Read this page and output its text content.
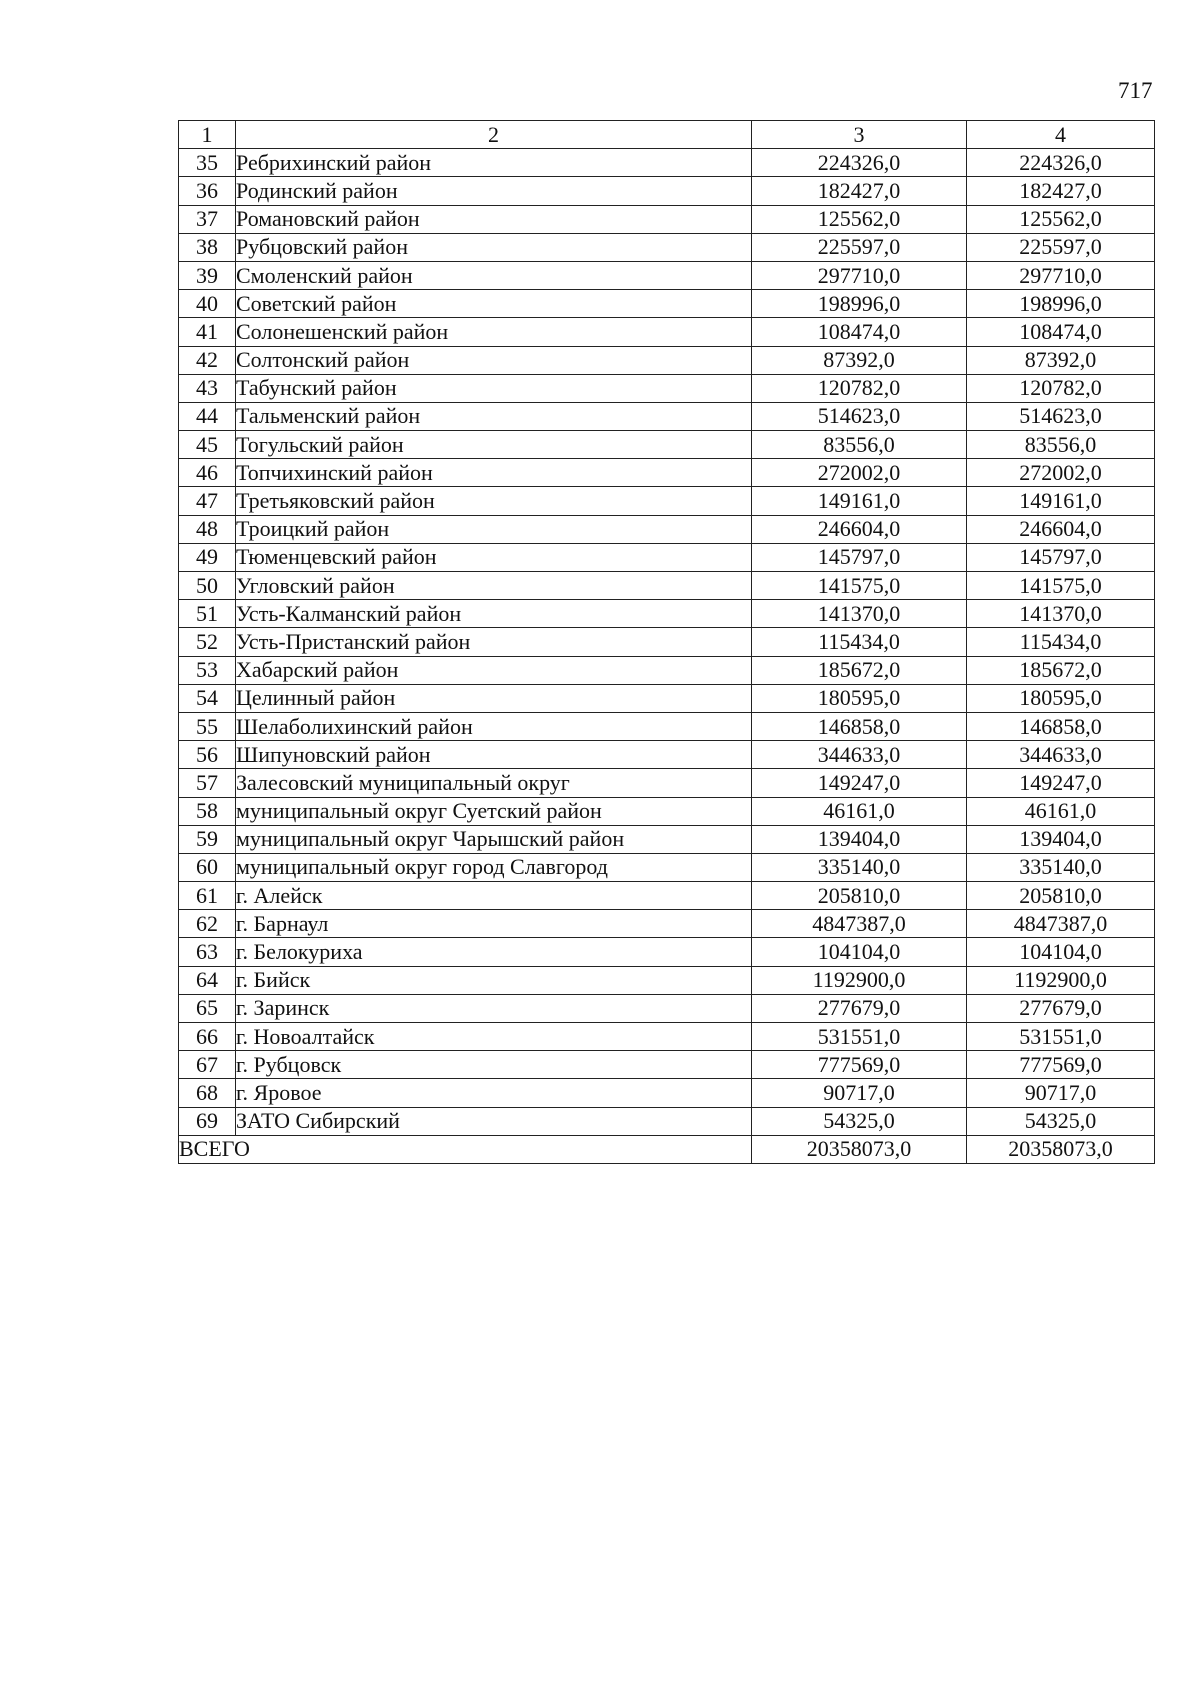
717
1	2	3	4
35	Ребрихинский район	224326,0	224326,0
36	Родинский район	182427,0	182427,0
37	Романовский район	125562,0	125562,0
38	Рубцовский район	225597,0	225597,0
39	Смоленский район	297710,0	297710,0
40	Советский район	198996,0	198996,0
41	Солонешенский район	108474,0	108474,0
42	Солтонский район	87392,0	87392,0
43	Табунский район	120782,0	120782,0
44	Тальменский район	514623,0	514623,0
45	Тогульский район	83556,0	83556,0
46	Топчихинский район	272002,0	272002,0
47	Третьяковский район	149161,0	149161,0
48	Троицкий район	246604,0	246604,0
49	Тюменцевский район	145797,0	145797,0
50	Угловский район	141575,0	141575,0
51	Усть-Калманский район	141370,0	141370,0
52	Усть-Пристанский район	115434,0	115434,0
53	Хабарский район	185672,0	185672,0
54	Целинный район	180595,0	180595,0
55	Шелаболихинский район	146858,0	146858,0
56	Шипуновский район	344633,0	344633,0
57	Залесовский муниципальный округ	149247,0	149247,0
58	муниципальный округ Суетский район	46161,0	46161,0
59	муниципальный округ Чарышский район	139404,0	139404,0
60	муниципальный округ город Славгород	335140,0	335140,0
61	г. Алейск	205810,0	205810,0
62	г. Барнаул	4847387,0	4847387,0
63	г. Белокуриха	104104,0	104104,0
64	г. Бийск	1192900,0	1192900,0
65	г. Заринск	277679,0	277679,0
66	г. Новоалтайск	531551,0	531551,0
67	г. Рубцовск	777569,0	777569,0
68	г. Яровое	90717,0	90717,0
69	ЗАТО Сибирский	54325,0	54325,0
ВСЕГО		20358073,0	20358073,0
